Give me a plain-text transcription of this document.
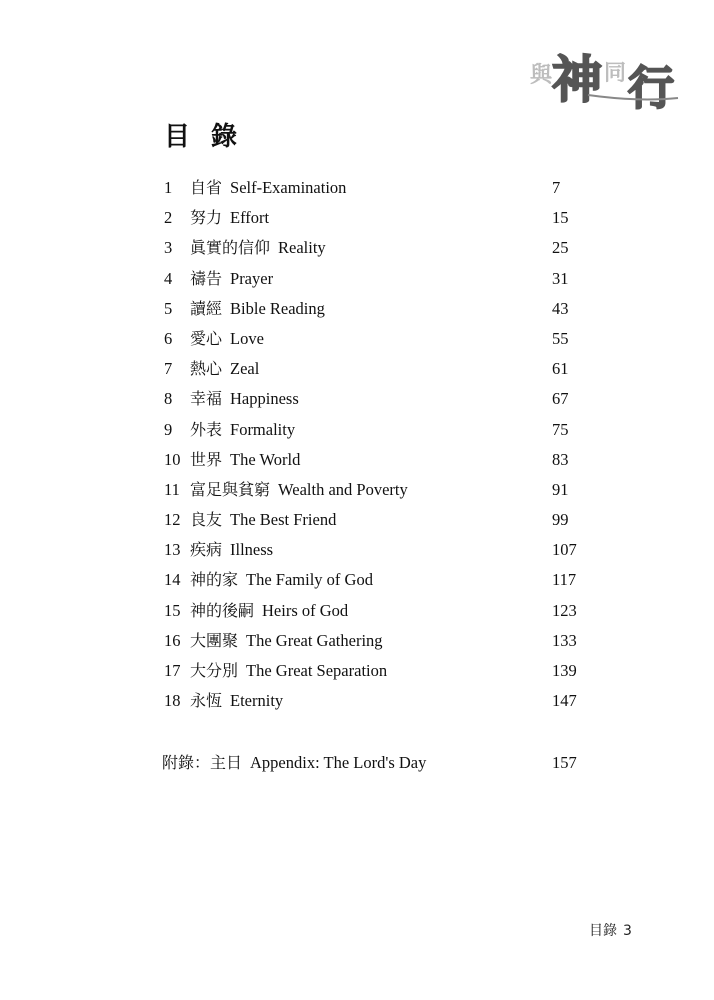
與 神 同 行
目 錄
1 自省 Self-Examination	7
2 努力 Effort	15
3 眞實的信仰 Reality	25
4 禱告 Prayer	31
5 讀經 Bible Reading	43
6 愛心 Love	55
7 熱心 Zeal	61
8 幸福 Happiness	67
9 外表 Formality	75
10 世界 The World	83
11 富足與貧窮 Wealth and Poverty	91
12 良友 The Best Friend	99
13 疾病 Illness	107
14 神的家 The Family of God	117
15 神的後嗣 Heirs of God	123
16 大團聚 The Great Gathering	133
17 大分別 The Great Separation	139
18 永恆 Eternity	147
附錄：主日 Appendix: The Lord's Day	157
目錄 3
